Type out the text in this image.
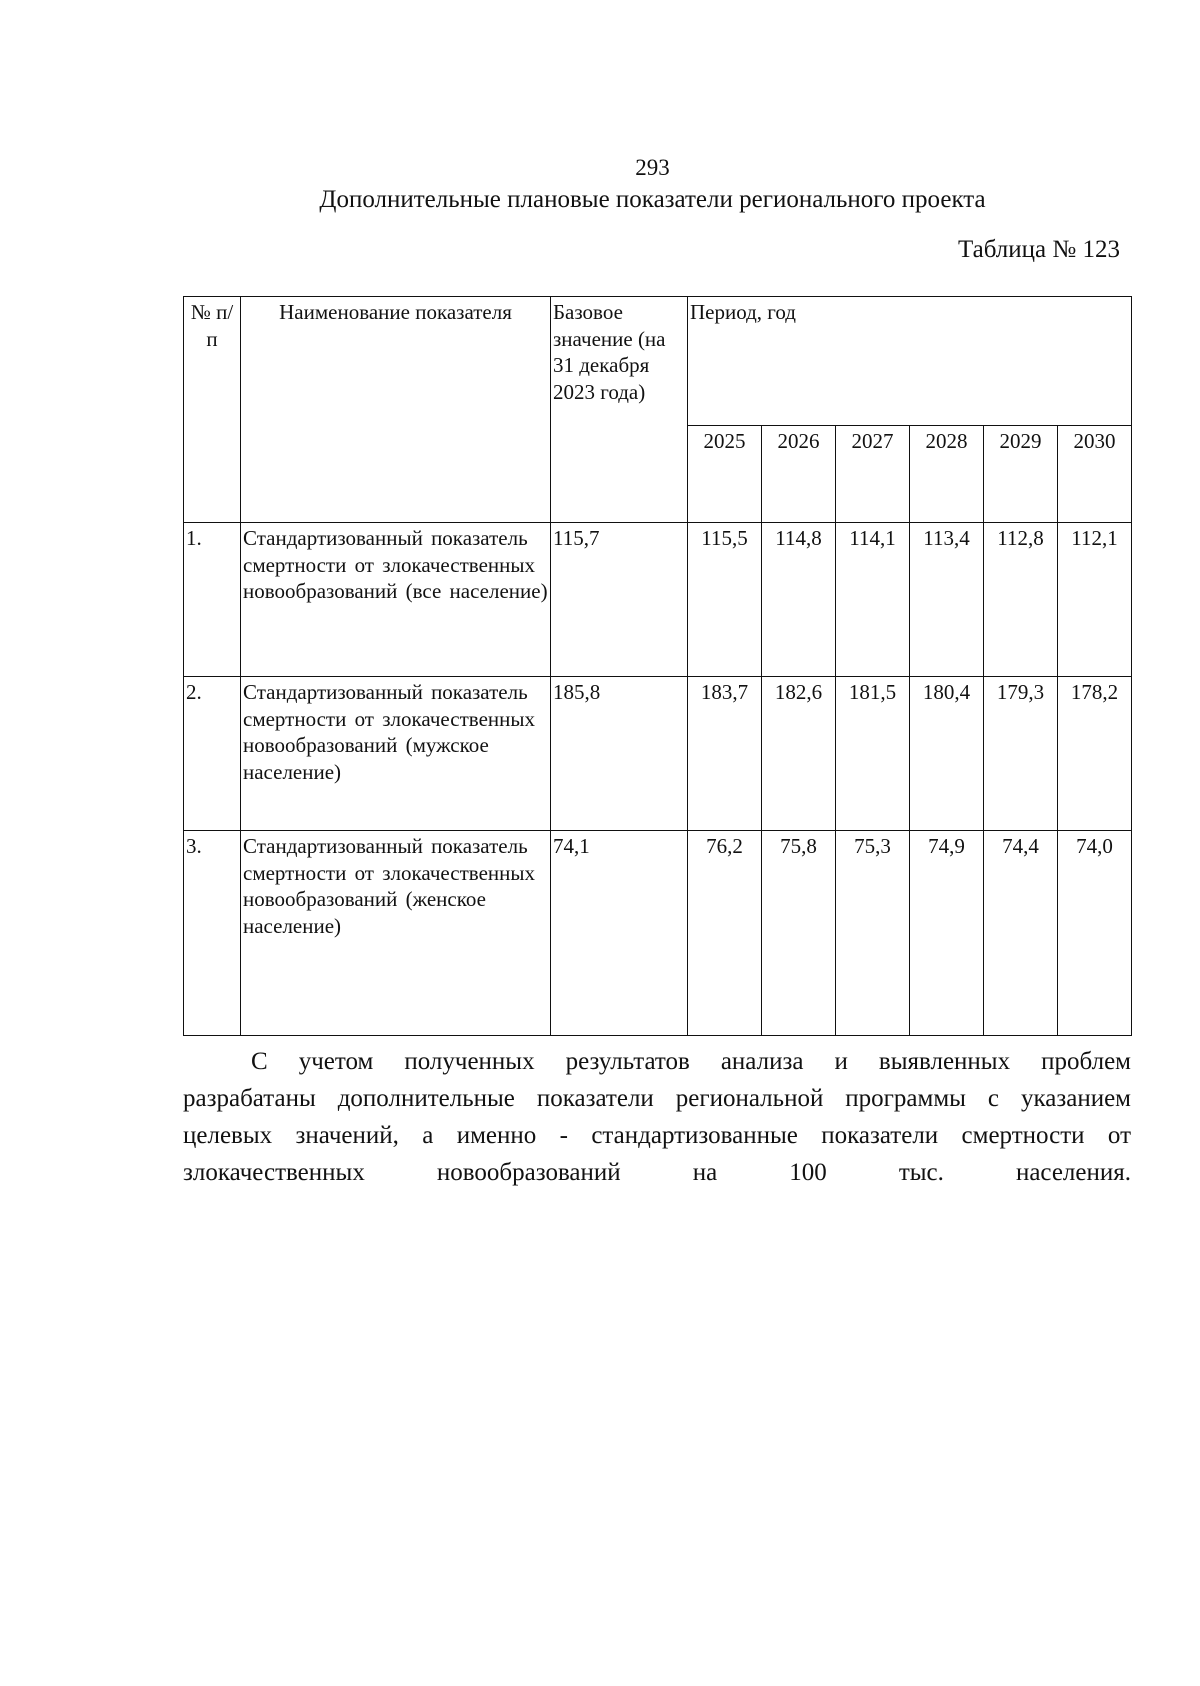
293
Дополнительные плановые показатели регионального проекта
Таблица № 123
№ п/п	Наименование показателя	Базовое значение (на 31 декабря 2023 года)	Период, год					
			2025	2026	2027	2028	2029	2030
1.	Стандартизованный показатель смертности от злокачественных новообразований (все население)	115,7	115,5	114,8	114,1	113,4	112,8	112,1
2.	Стандартизованный показатель смертности от злокачественных новообразований (мужское население)	185,8	183,7	182,6	181,5	180,4	179,3	178,2
3.	Стандартизованный показатель смертности от злокачественных новообразований (женское население)	74,1	76,2	75,8	75,3	74,9	74,4	74,0
С учетом полученных результатов анализа и выявленных проблем
разрабатаны дополнительные показатели региональной программы с указанием
целевых значений, а именно - стандартизованные показатели смертности от
злокачественных новообразований на 100 тыс. населения.
